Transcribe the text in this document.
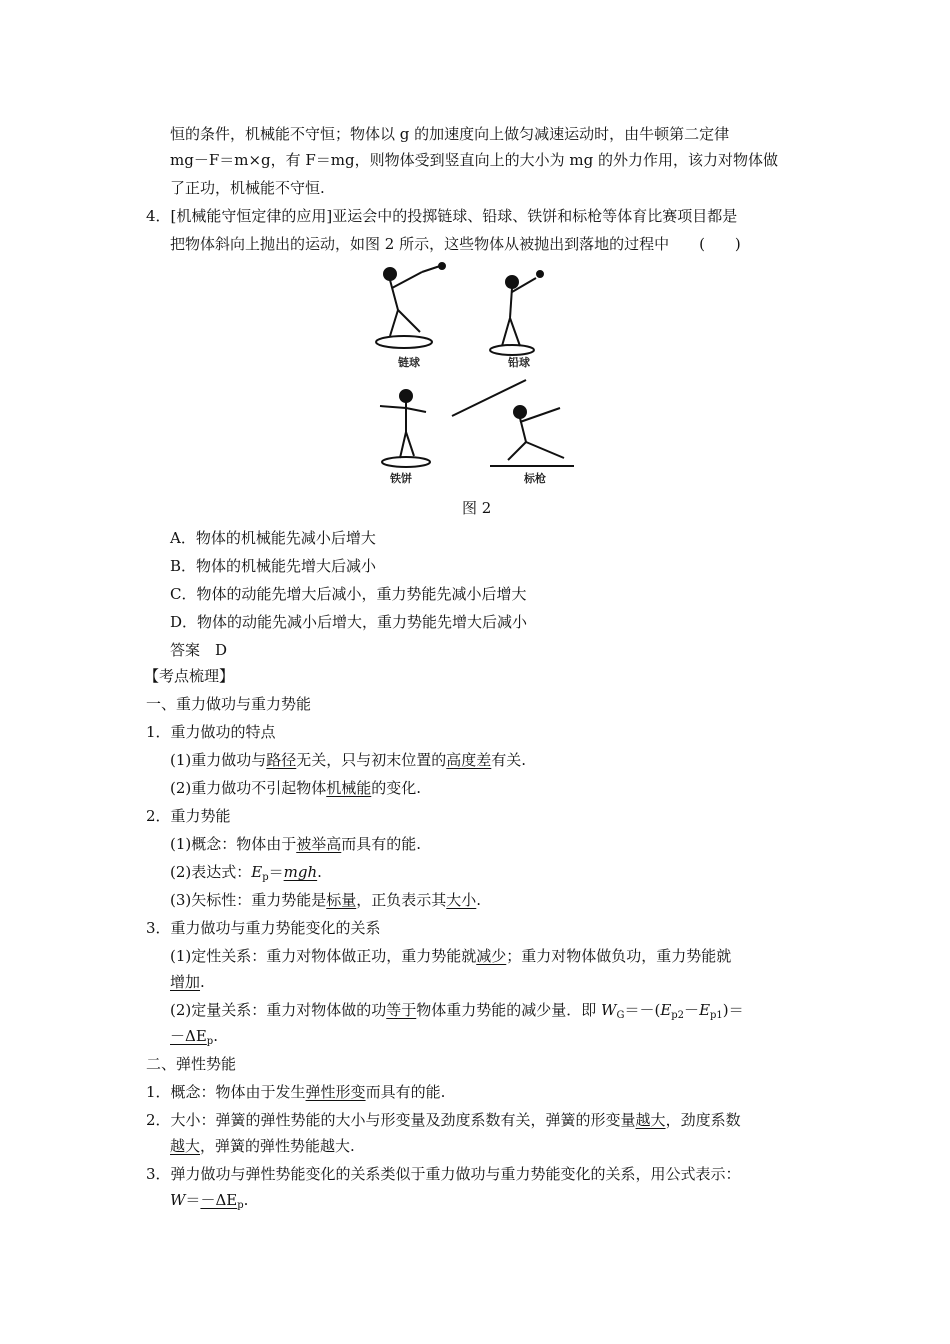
恒的条件，机械能不守恒；物体以 g 的加速度向上做匀减速运动时，由牛顿第二定律
mg－F＝m×g，有 F＝mg，则物体受到竖直向上的大小为 mg 的外力作用，该力对物体做
了正功，机械能不守恒.
4．[机械能守恒定律的应用]亚运会中的投掷链球、铅球、铁饼和标枪等体育比赛项目都是
把物体斜向上抛出的运动，如图 2 所示，这些物体从被抛出到落地的过程中　　(　　)
链球	铅球
铁饼	标枪
图 2
A．物体的机械能先减小后增大
B．物体的机械能先增大后减小
C．物体的动能先增大后减小，重力势能先减小后增大
D．物体的动能先减小后增大，重力势能先增大后减小
答案　D
【考点梳理】
一、重力做功与重力势能
1．重力做功的特点
(1)重力做功与路径无关，只与初末位置的高度差有关.
(2)重力做功不引起物体机械能的变化.
2．重力势能
(1)概念：物体由于被举高而具有的能.
(2)表达式：$E_p=mgh$.
(3)矢标性：重力势能是标量，正负表示其大小.
3．重力做功与重力势能变化的关系
(1)定性关系：重力对物体做正功，重力势能就减少；重力对物体做负功，重力势能就
增加.
(2)定量关系：重力对物体做的功等于物体重力势能的减少量．即 $W_G=-(E_{p2}-E_{p1})=$
$-\Delta E_p$.
二、弹性势能
1．概念：物体由于发生弹性形变而具有的能.
2．大小：弹簧的弹性势能的大小与形变量及劲度系数有关，弹簧的形变量越大，劲度系数
越大，弹簧的弹性势能越大.
3．弹力做功与弹性势能变化的关系类似于重力做功与重力势能变化的关系，用公式表示：
$W=-\Delta E_p$.
